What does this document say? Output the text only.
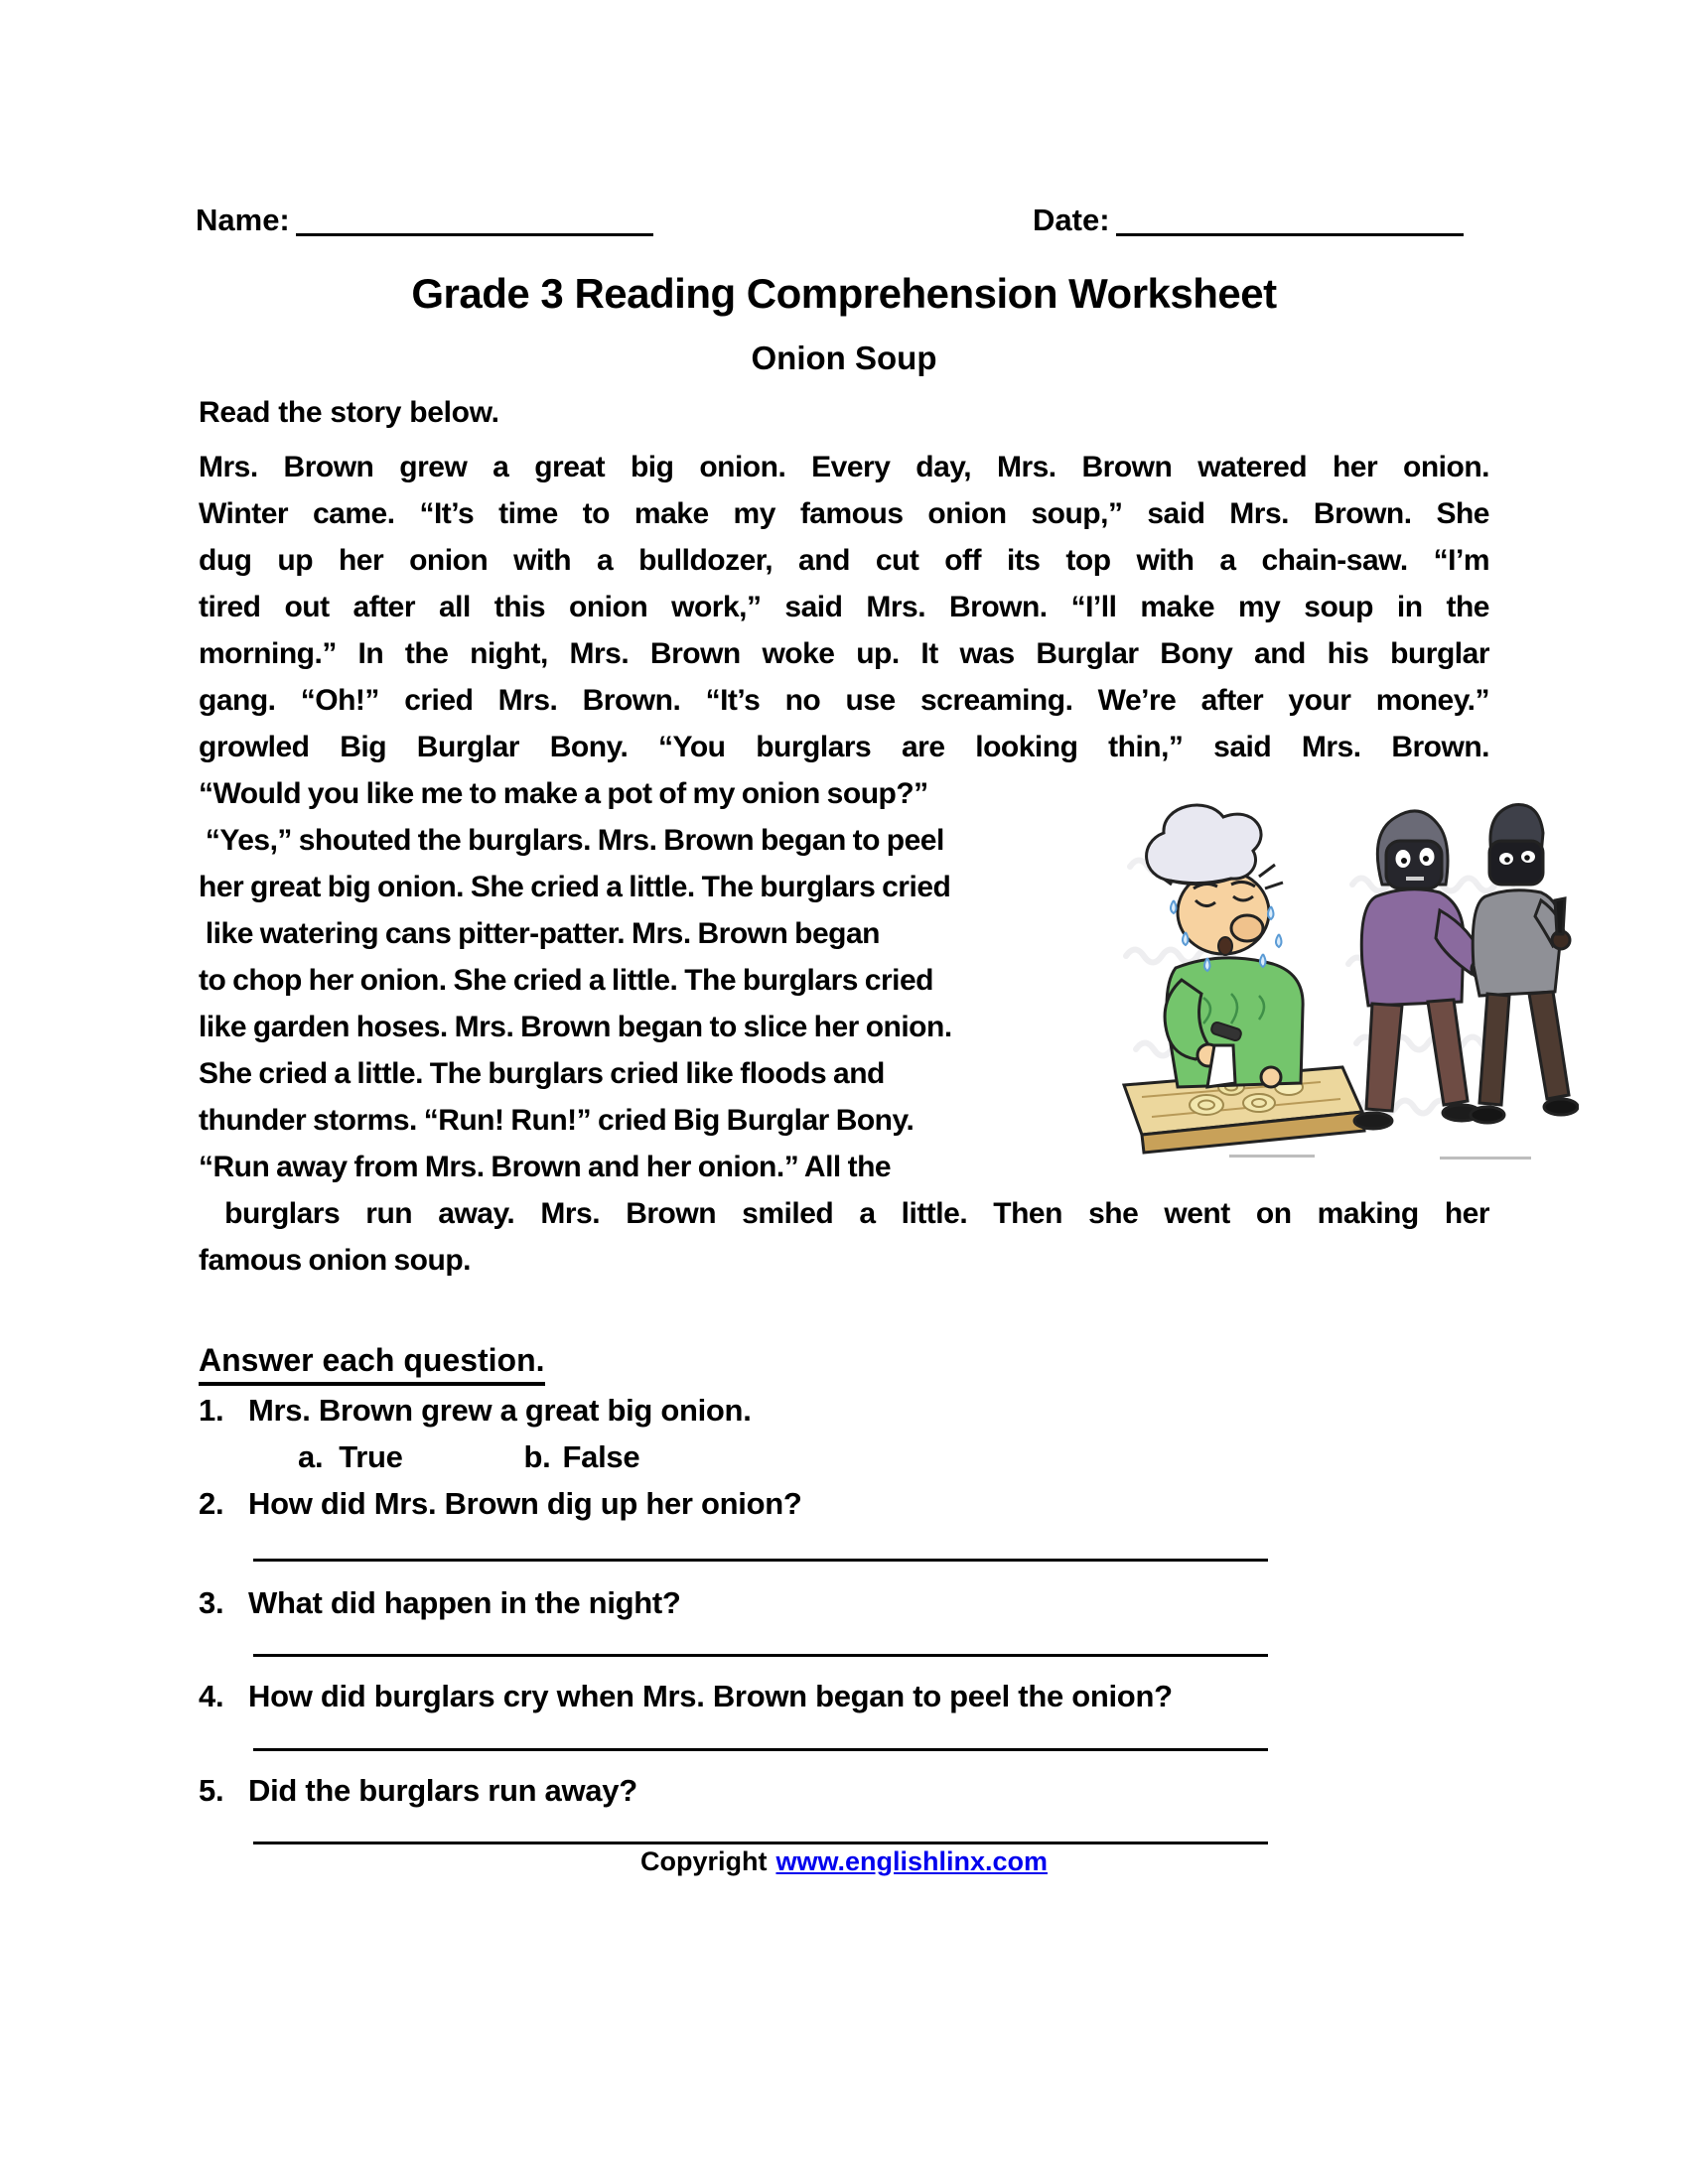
Name:	Date:
Grade 3 Reading Comprehension Worksheet
Onion Soup
Read the story below.
Mrs. Brown grew a great big onion. Every day, Mrs. Brown watered her onion.
Winter came. “It’s time to make my famous onion soup,” said Mrs. Brown. She
dug up her onion with a bulldozer, and cut off its top with a chain-saw. “I’m
tired out after all this onion work,” said Mrs. Brown. “I’ll make my soup in the
morning.” In the night, Mrs. Brown woke up. It was Burglar Bony and his burglar
gang. “Oh!” cried Mrs. Brown. “It’s no use screaming. We’re after your money.”
growled Big Burglar Bony. “You burglars are looking thin,” said Mrs. Brown.
“Would you like me to make a pot of my onion soup?”
“Yes,” shouted the burglars. Mrs. Brown began to peel
her great big onion. She cried a little. The burglars cried
like watering cans pitter-patter. Mrs. Brown began
to chop her onion. She cried a little. The burglars cried
like garden hoses. Mrs. Brown began to slice her onion.
She cried a little. The burglars cried like floods and
thunder storms. “Run! Run!” cried Big Burglar Bony.
“Run away from Mrs. Brown and her onion.” All the
burglars run away. Mrs. Brown smiled a little. Then she went on making her
famous onion soup.
Answer each question.
1. Mrs. Brown grew a great big onion.
a. True	b. False
2. How did Mrs. Brown dig up her onion?
3. What did happen in the night?
4. How did burglars cry when Mrs. Brown began to peel the onion?
5. Did the burglars run away?
Copyright www.englishlinx.com
